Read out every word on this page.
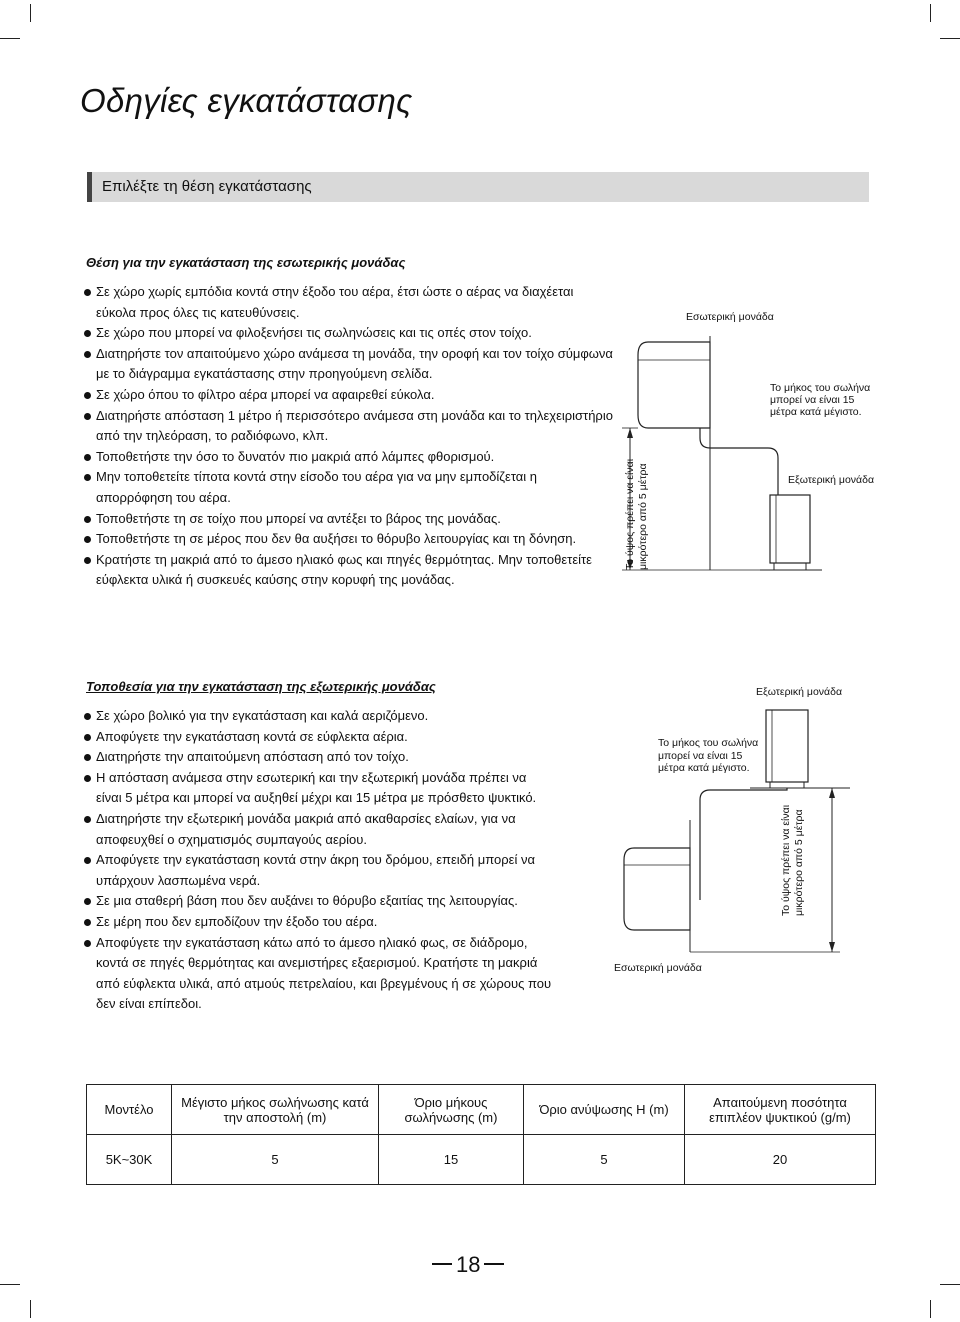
Οδηγίες εγκατάστασης
Επιλέξτε τη θέση εγκατάστασης
Θέση για την εγκατάσταση της εσωτερικής μονάδας
Σε χώρο χωρίς εμπόδια κοντά στην έξοδο του αέρα, έτσι ώστε ο αέρας να διαχέεται εύκολα προς όλες τις κατευθύνσεις.
Σε χώρο που μπορεί να φιλοξενήσει τις σωληνώσεις και τις οπές στον τοίχο.
Διατηρήστε τον απαιτούμενο χώρο ανάμεσα τη μονάδα, την οροφή και τον τοίχο σύμφωνα με το διάγραμμα εγκατάστασης στην προηγούμενη σελίδα.
Σε χώρο όπου το φίλτρο αέρα μπορεί να αφαιρεθεί εύκολα.
Διατηρήστε απόσταση 1 μέτρο ή περισσότερο ανάμεσα στη μονάδα και το τηλεχειριστήριο από την τηλεόραση, το ραδιόφωνο, κλπ.
Τοποθετήστε την όσο το δυνατόν πιο μακριά από λάμπες φθορισμού.
Μην τοποθετείτε τίποτα κοντά στην είσοδο του αέρα για να μην εμποδίζεται η απορρόφηση του αέρα.
Τοποθετήστε τη σε τοίχο που μπορεί να αντέξει το βάρος της μονάδας.
Τοποθετήστε τη σε μέρος που δεν θα αυξήσει το θόρυβο λειτουργίας και τη δόνηση.
Κρατήστε τη μακριά από το άμεσο ηλιακό φως και πηγές θερμότητας. Μην τοποθετείτε εύφλεκτα υλικά ή συσκευές καύσης στην κορυφή της μονάδας.
Εσωτερική μονάδα
Το μήκος του σωλήνα μπορεί να είναι 15 μέτρα κατά μέγιστο.
Εξωτερική μονάδα
Το ύψος πρέπει να είναι μικρότερο από 5 μέτρα
Τοποθεσία για την εγκατάσταση της εξωτερικής μονάδας
Σε χώρο βολικό για την εγκατάσταση και καλά αεριζόμενο.
Αποφύγετε την εγκατάσταση κοντά σε εύφλεκτα αέρια.
Διατηρήστε την απαιτούμενη απόσταση από τον τοίχο.
Η απόσταση ανάμεσα στην εσωτερική και την εξωτερική μονάδα πρέπει να είναι 5 μέτρα και μπορεί να αυξηθεί μέχρι και 15 μέτρα με πρόσθετο ψυκτικό.
Διατηρήστε την εξωτερική μονάδα μακριά από ακαθαρσίες ελαίων, για να αποφευχθεί ο σχηματισμός συμπαγούς αερίου.
Αποφύγετε την εγκατάσταση κοντά στην άκρη του δρόμου, επειδή μπορεί να υπάρχουν λασπωμένα νερά.
Σε μια σταθερή βάση που δεν αυξάνει το θόρυβο εξαιτίας της λειτουργίας.
Σε μέρη που δεν εμποδίζουν την έξοδο του αέρα.
Αποφύγετε την εγκατάσταση κάτω από το άμεσο ηλιακό φως, σε διάδρομο, κοντά σε πηγές θερμότητας και ανεμιστήρες εξαερισμού. Κρατήστε τη μακριά από εύφλεκτα υλικά, από ατμούς πετρελαίου, και βρεγμένους ή σε χώρους που δεν είναι επίπεδοι.
Εξωτερική μονάδα
Το μήκος του σωλήνα μπορεί να είναι 15 μέτρα κατά μέγιστο.
Εσωτερική μονάδα
Το ύψος πρέπει να είναι μικρότερο από 5 μέτρα
Μοντέλο	Μέγιστο μήκος σωλήνωσης κατά την αποστολή (m)	Όριο μήκους σωλήνωσης (m)	Όριο ανύψωσης H (m)	Απαιτούμενη ποσότητα επιπλέον ψυκτικού (g/m)
5K~30K	5	15	5	20
18
